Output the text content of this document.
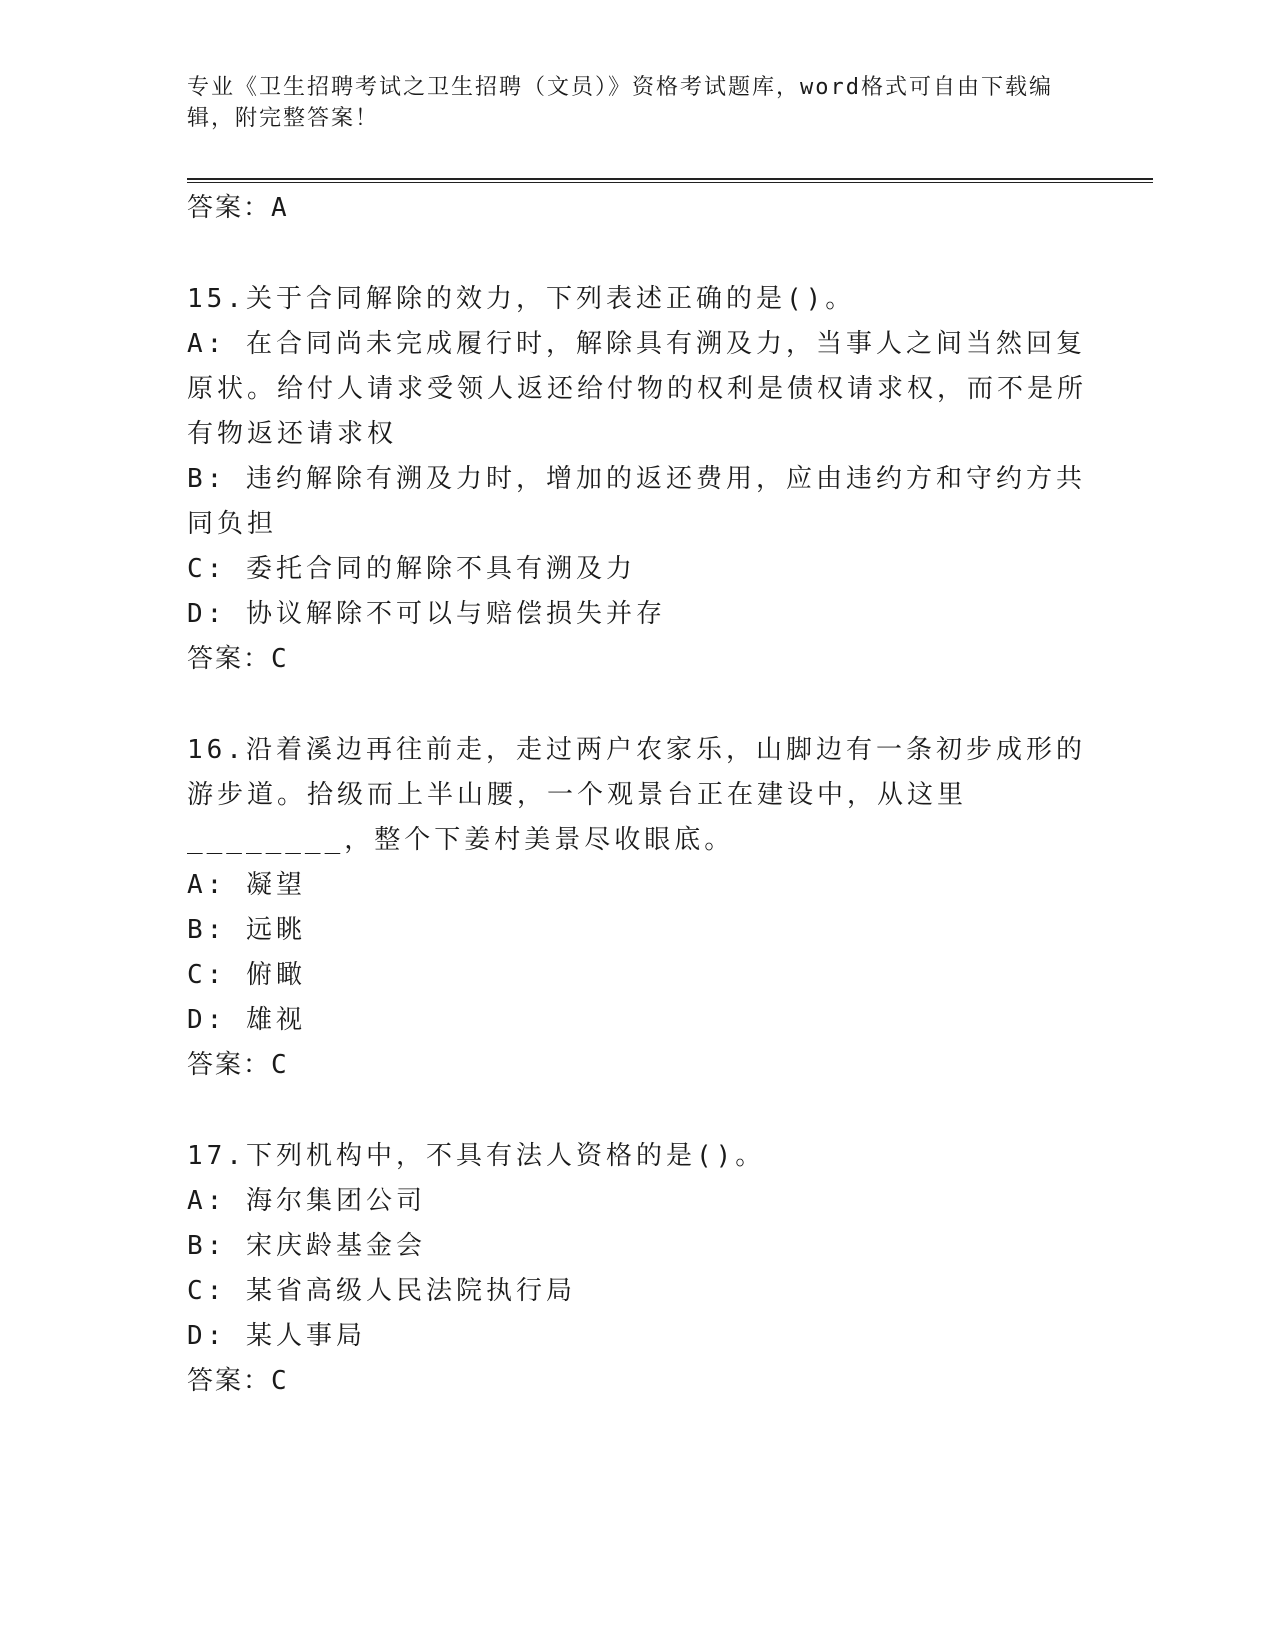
专业《卫生招聘考试之卫生招聘（文员）》资格考试题库，word格式可自由下载编辑，附完整答案！
答案：A
15.关于合同解除的效力，下列表述正确的是()。
A: 在合同尚未完成履行时，解除具有溯及力，当事人之间当然回复原状。给付人请求受领人返还给付物的权利是债权请求权，而不是所有物返还请求权
B: 违约解除有溯及力时，增加的返还费用，应由违约方和守约方共同负担
C: 委托合同的解除不具有溯及力
D: 协议解除不可以与赔偿损失并存
答案：C
16.沿着溪边再往前走，走过两户农家乐，山脚边有一条初步成形的游步道。拾级而上半山腰，一个观景台正在建设中，从这里________，整个下姜村美景尽收眼底。
A: 凝望
B: 远眺
C: 俯瞰
D: 雄视
答案：C
17.下列机构中，不具有法人资格的是()。
A: 海尔集团公司
B: 宋庆龄基金会
C: 某省高级人民法院执行局
D: 某人事局
答案：C
